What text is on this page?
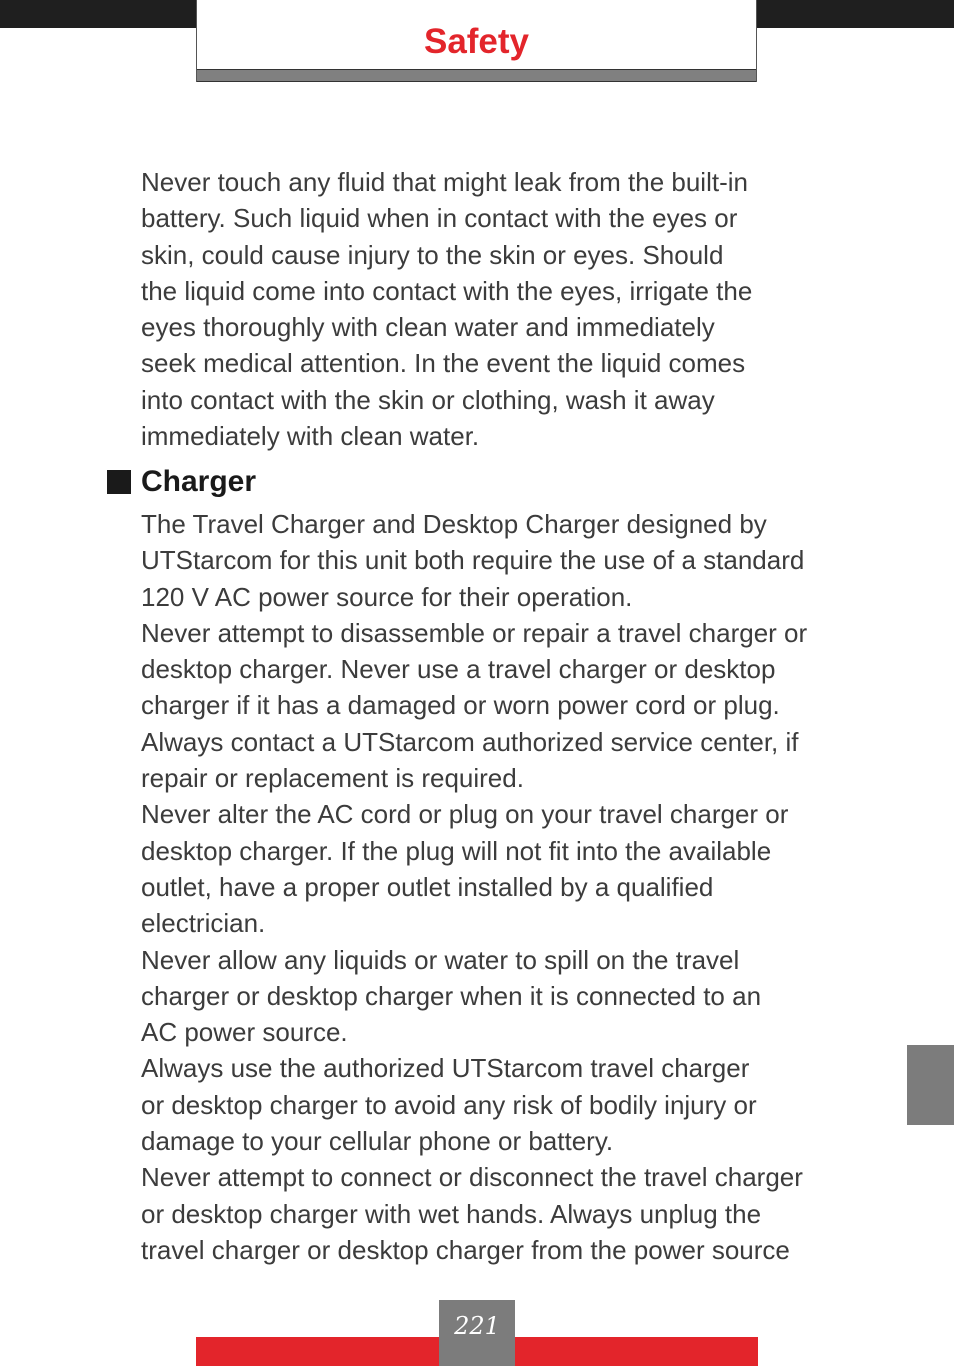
Safety

Never touch any fluid that might leak from the built-in

battery. Such liquid when in contact with the eyes or

skin, could cause injury to the skin or eyes. Should

the liquid come into contact with the eyes, irrigate the

eyes thoroughly with clean water and immediately

seek medical attention. In the event the liquid comes

into contact with the skin or clothing, wash it away

immediately with clean water.

Charger

The Travel Charger and Desktop Charger designed by

UTStarcom for this unit both require the use of a standard

120 V AC power source for their operation.

Never attempt to disassemble or repair a travel charger or

desktop charger. Never use a travel charger or desktop

charger if it has a damaged or worn power cord or plug.

Always contact a UTStarcom authorized service center, if

repair or replacement is required.

Never alter the AC cord or plug on your travel charger or

desktop charger. If the plug will not fit into the available

outlet, have a proper outlet installed by a qualified

electrician.

Never allow any liquids or water to spill on the travel

charger or desktop charger when it is connected to an

AC power source.

Always use the authorized UTStarcom travel charger

or desktop charger to avoid any risk of bodily injury or

damage to your cellular phone or battery.

Never attempt to connect or disconnect the travel charger

or desktop charger with wet hands. Always unplug the

travel charger or desktop charger from the power source

221
